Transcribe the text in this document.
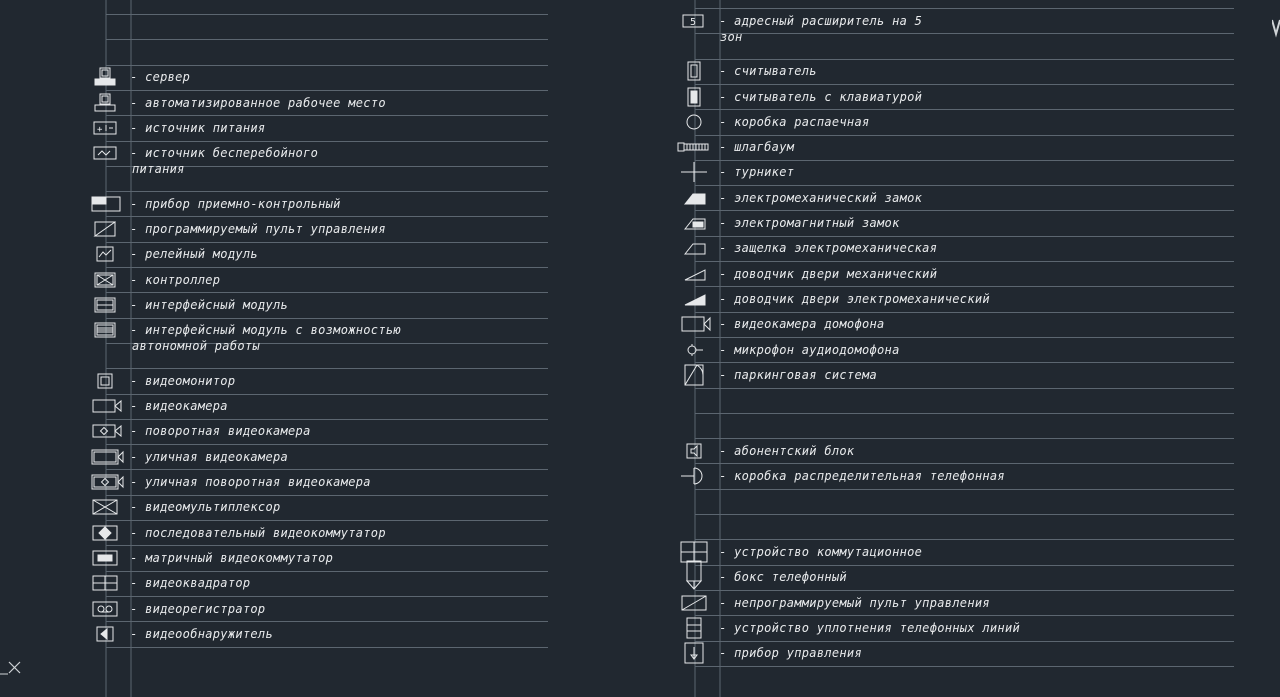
- сервер
- автоматизированное рабочее место
- источник питания
- источник бесперебойного
питания
- прибор приемно-контрольный
- программируемый пульт управления
- релейный модуль
- контроллер
- интерфейсный модуль
- интерфейсный модуль с возможностью
автономной работы
- видеомонитор
- видеокамера
- поворотная видеокамера
- уличная видеокамера
- уличная поворотная видеокамера
- видеомультиплексор
- последовательный видеокоммутатор
- матричный видеокоммутатор
- видеоквадратор
- видеорегистратор
- видеообнаружитель
- адресный расширитель на 5
зон
- считыватель
- считыватель с клавиатурой
- коробка распаечная
- шлагбаум
- турникет
- электромеханический замок
- электромагнитный замок
- защелка электромеханическая
- доводчик двери механический
- доводчик двери электромеханический
- видеокамера домофона
- микрофон аудиодомофона
- паркинговая система
- абонентский блок
- коробка распределительная телефонная
- устройство коммутационное
- бокс телефонный
- непрограммируемый пульт управления
- устройство уплотнения телефонных линий
- прибор управления
+
5
